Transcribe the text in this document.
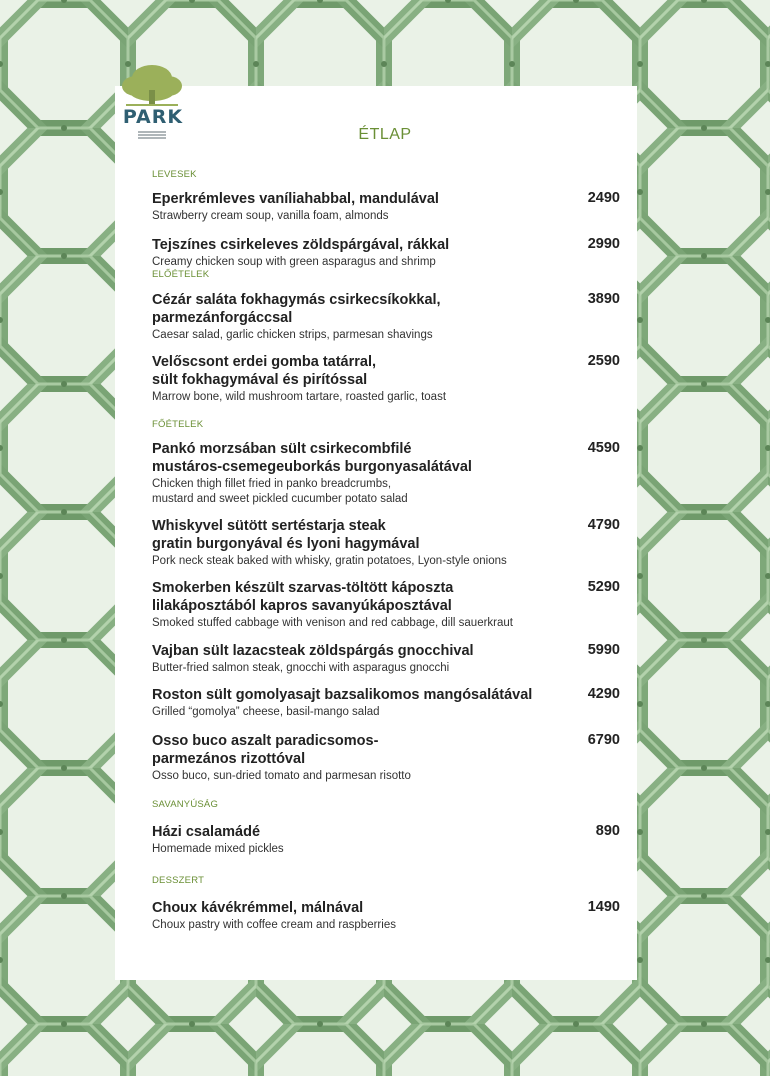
PARK
ÉTLAP
LEVESEK
Eperkrémleves vaníliahabbal, mandulával
Strawberry cream soup, vanilla foam, almonds
2490
Tejszínes csirkeleves zöldspárgával, rákkal
Creamy chicken soup with green asparagus and shrimp
2990
ELŐÉTELEK
Cézár saláta fokhagymás csirkecsíkokkal,
parmezánforgáccsal
Caesar salad, garlic chicken strips, parmesan shavings
3890
Velőscsont erdei gomba tatárral,
sült fokhagymával és pirítóssal
Marrow bone, wild mushroom tartare, roasted garlic, toast
2590
FŐÉTELEK
Pankó morzsában sült csirkecombfilé
mustáros-csemegeuborkás burgonyasalátával
Chicken thigh fillet fried in panko breadcrumbs,
mustard and sweet pickled cucumber potato salad
4590
Whiskyvel sütött sertéstarja steak
gratin burgonyával és lyoni hagymával
Pork neck steak baked with whisky, gratin potatoes, Lyon-style onions
4790
Smokerben készült szarvas-töltött káposzta
lilakáposztából kapros savanyúkáposztával
Smoked stuffed cabbage with venison and red cabbage, dill sauerkraut
5290
Vajban sült lazacsteak zöldspárgás gnocchival
Butter-fried salmon steak, gnocchi with asparagus gnocchi
5990
Roston sült gomolyasajt bazsalikomos mangósalátával
Grilled “gomolya” cheese, basil-mango salad
4290
Osso buco aszalt paradicsomos-
parmezános rizottóval
Osso buco, sun-dried tomato and parmesan risotto
6790
SAVANYÚSÁG
Házi csalamádé
Homemade mixed pickles
890
DESSZERT
Choux kávékrémmel, málnával
Choux pastry with coffee cream and raspberries
1490
